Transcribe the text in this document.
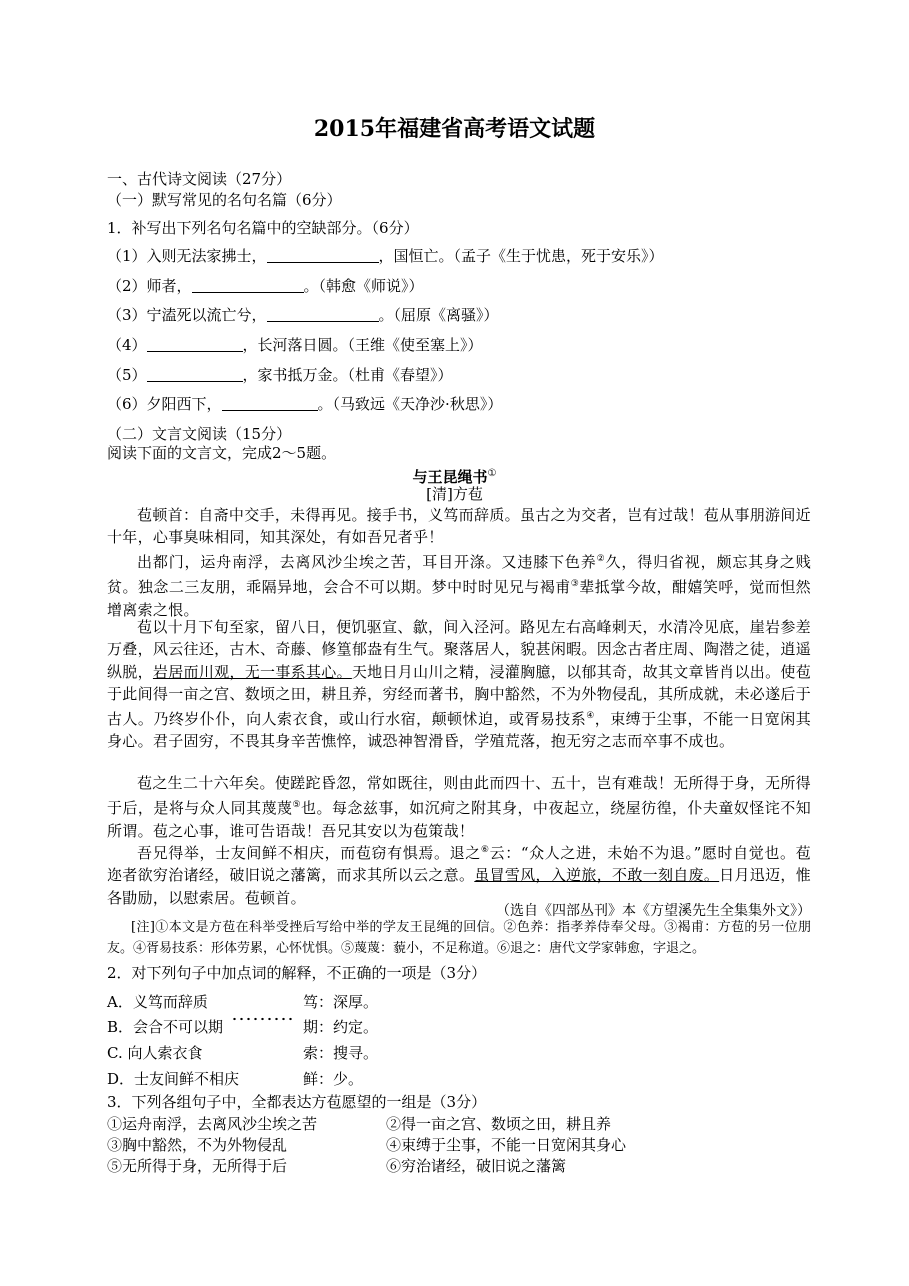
2015年福建省高考语文试题
一、古代诗文阅读（27分）
（一）默写常见的名句名篇（6分）
1．补写出下列名句名篇中的空缺部分。（6分）
（1）入则无法家拂士，	，国恒亡。（孟子《生于忧患，死于安乐》）
（2）师者，	。（韩愈《师说》）
（3）宁溘死以流亡兮，	。（屈原《离骚》）
（4）	，长河落日圆。（王维《使至塞上》）
（5）	，家书抵万金。（杜甫《春望》）
（6）夕阳西下，	。（马致远《天净沙·秋思》）
（二）文言文阅读（15分）
阅读下面的文言文，完成2～5题。
与王昆绳书①
[清]方苞
苞顿首：自斋中交手，未得再见。接手书，义笃而辞质。虽古之为交者，岂有过哉！苞从事朋游间近十年，心事臭味相同，知其深处，有如吾兄者乎！
出都门，运舟南浮，去离风沙尘埃之苦，耳目开涤。又违膝下色养②久，得归省视，颇忘其身之贱贫。独念二三友朋，乖隔异地，会合不可以期。梦中时时见兄与褐甫③辈抵掌今故，酣嬉笑呼，觉而怛然增离索之恨。
苞以十月下旬至家，留八日，便饥驱宣、歙，间入泾河。路见左右高峰刺天，水清冷见底，崖岩参差万叠，风云往还，古木、奇藤、修篁郁盎有生气。聚落居人，貌甚闲暇。因念古者庄周、陶潜之徒，逍遥纵脱，岩居而川观，无一事系其心。天地日月山川之精，浸灌胸臆，以郁其奇，故其文章皆肖以出。使苞于此间得一亩之宫、数顷之田，耕且养，穷经而著书，胸中豁然，不为外物侵乱，其所成就，未必遂后于古人。乃终岁仆仆，向人索衣食，或山行水宿，颠顿怵迫，或胥易技系④，束缚于尘事，不能一日宽闲其身心。君子固穷，不畏其身辛苦憔悴，诚恐神智滑昏，学殖荒落，抱无穷之志而卒事不成也。
苞之生二十六年矣。使蹉跎昏忽，常如既往，则由此而四十、五十，岂有难哉！无所得于身，无所得于后，是将与众人同其蔑蔑⑤也。每念兹事，如沉疴之附其身，中夜起立，绕屋彷徨，仆夫童奴怪诧不知所谓。苞之心事，谁可告语哉！吾兄其安以为苞策哉！
吾兄得举，士友间鲜不相庆，而苞窃有惧焉。退之⑥云：“众人之进，未始不为退。”愿时自觉也。苞迩者欲穷治诸经，破旧说之藩篱，而求其所以云之意。虽冒雪风，入逆旅，不敢一刻自废。日月迅迈，惟各勖励，以慰索居。苞顿首。
（选自《四部丛刊》本《方望溪先生全集集外文》）
[注]①本文是方苞在科举受挫后写给中举的学友王昆绳的回信。②色养：指孝养侍奉父母。③褐甫：方苞的另一位朋友。④胥易技系：形体劳累，心怀忧惧。⑤蔑蔑：藐小，不足称道。⑥退之：唐代文学家韩愈，字退之。
2．对下列句子中加点词的解释，不正确的一项是（3分）
A．义笃而辞质	笃：深厚。
B．会合不可以期	期：约定。
C. 向人索衣食	索：搜寻。
D．士友间鲜不相庆	鲜：少。
3．下列各组句子中，全都表达方苞愿望的一组是（3分）
①运舟南浮，去离风沙尘埃之苦	②得一亩之宫、数顷之田，耕且养
③胸中豁然，不为外物侵乱	④束缚于尘事，不能一日宽闲其身心
⑤无所得于身，无所得于后	⑥穷治诸经，破旧说之藩篱
